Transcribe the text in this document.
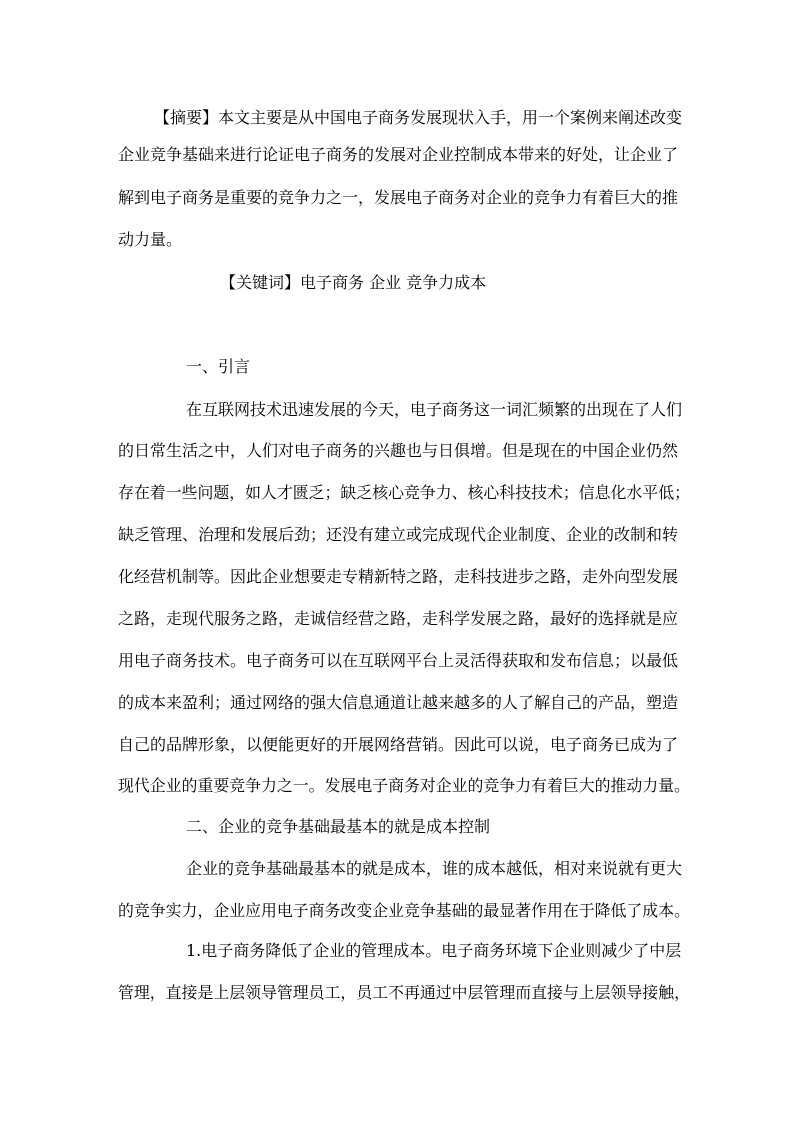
【摘要】本文主要是从中国电子商务发展现状入手，用一个案例来阐述改变
企业竞争基础来进行论证电子商务的发展对企业控制成本带来的好处，让企业了
解到电子商务是重要的竞争力之一，发展电子商务对企业的竞争力有着巨大的推
动力量。
【关键词】电子商务 企业 竞争力成本
一、引言
在互联网技术迅速发展的今天，电子商务这一词汇频繁的出现在了人们
的日常生活之中，人们对电子商务的兴趣也与日俱增。但是现在的中国企业仍然
存在着一些问题，如人才匮乏；缺乏核心竞争力、核心科技技术；信息化水平低；
缺乏管理、治理和发展后劲；还没有建立或完成现代企业制度、企业的改制和转
化经营机制等。因此企业想要走专精新特之路，走科技进步之路，走外向型发展
之路，走现代服务之路，走诚信经营之路，走科学发展之路，最好的选择就是应
用电子商务技术。电子商务可以在互联网平台上灵活得获取和发布信息；以最低
的成本来盈利；通过网络的强大信息通道让越来越多的人了解自己的产品，塑造
自己的品牌形象，以便能更好的开展网络营销。因此可以说，电子商务已成为了
现代企业的重要竞争力之一。发展电子商务对企业的竞争力有着巨大的推动力量。
二、企业的竞争基础最基本的就是成本控制
企业的竞争基础最基本的就是成本，谁的成本越低，相对来说就有更大
的竞争实力，企业应用电子商务改变企业竞争基础的最显著作用在于降低了成本。
1.电子商务降低了企业的管理成本。电子商务环境下企业则减少了中层
管理，直接是上层领导管理员工，员工不再通过中层管理而直接与上层领导接触，
